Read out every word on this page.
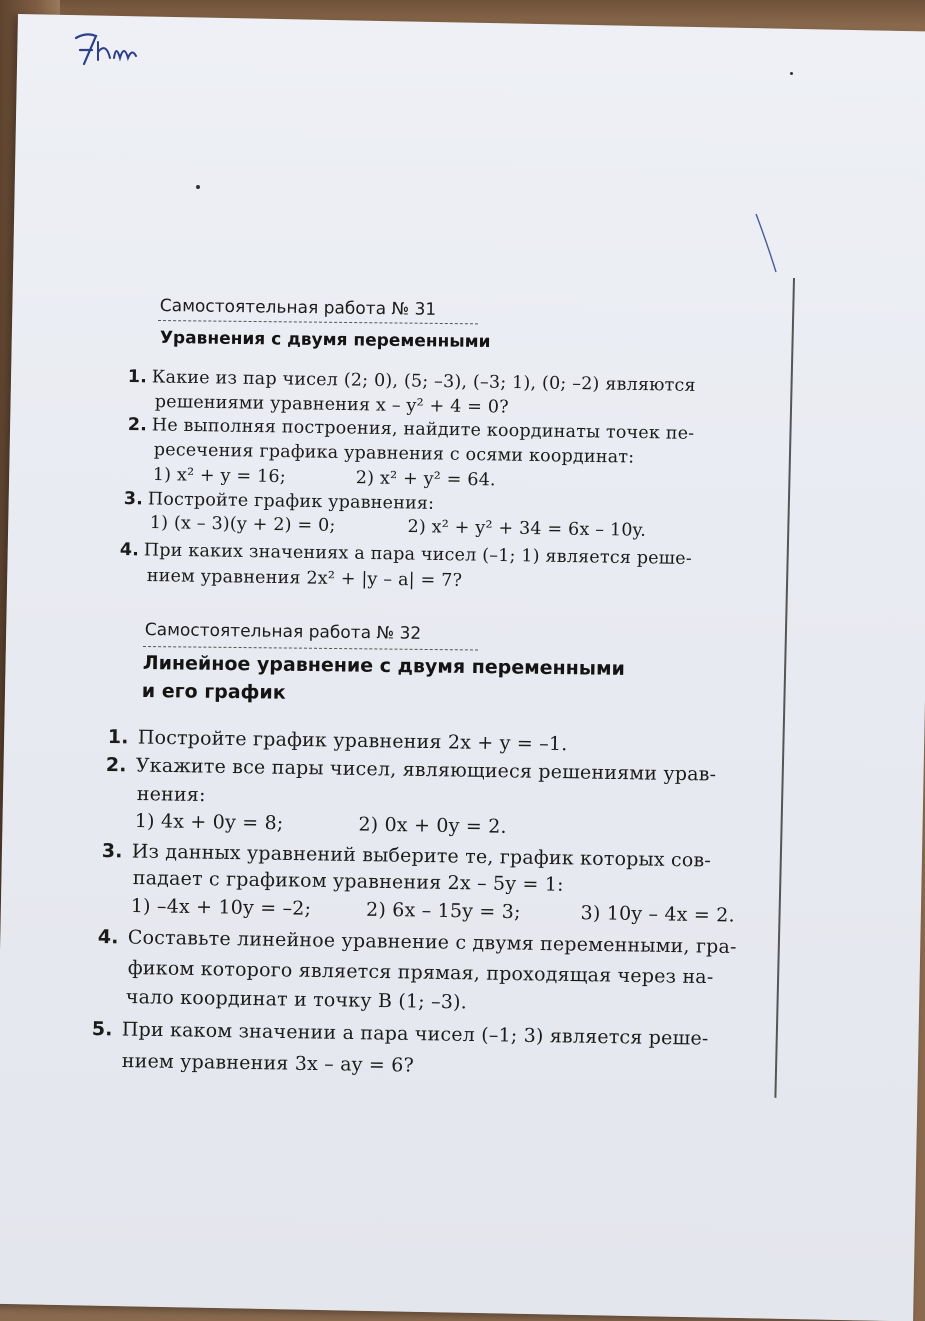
Самостоятельная работа № 31
Уравнения с двумя переменными
1. Какие из пар чисел (2; 0), (5; –3), (–3; 1), (0; –2) являются
решениями уравнения x – y² + 4 = 0?
2. Не выполняя построения, найдите координаты точек пе-
ресечения графика уравнения с осями координат:
1) x² + y = 16;	2) x² + y² = 64.
3. Постройте график уравнения:
1) (x – 3)(y + 2) = 0;	2) x² + y² + 34 = 6x – 10y.
4. При каких значениях a пара чисел (–1; 1) является реше-
нием уравнения 2x² + |y – a| = 7?
Самостоятельная работа № 32
Линейное уравнение с двумя переменными
и его график
1. Постройте график уравнения 2x + y = –1.
2. Укажите все пары чисел, являющиеся решениями урав-
нения:
1) 4x + 0y = 8;	2) 0x + 0y = 2.
3. Из данных уравнений выберите те, график которых сов-
падает с графиком уравнения 2x – 5y = 1:
1) –4x + 10y = –2;	2) 6x – 15y = 3;	3) 10y – 4x = 2.
4. Составьте линейное уравнение с двумя переменными, гра-
фиком которого является прямая, проходящая через на-
чало координат и точку B (1; –3).
5. При каком значении a пара чисел (–1; 3) является реше-
нием уравнения 3x – ay = 6?
